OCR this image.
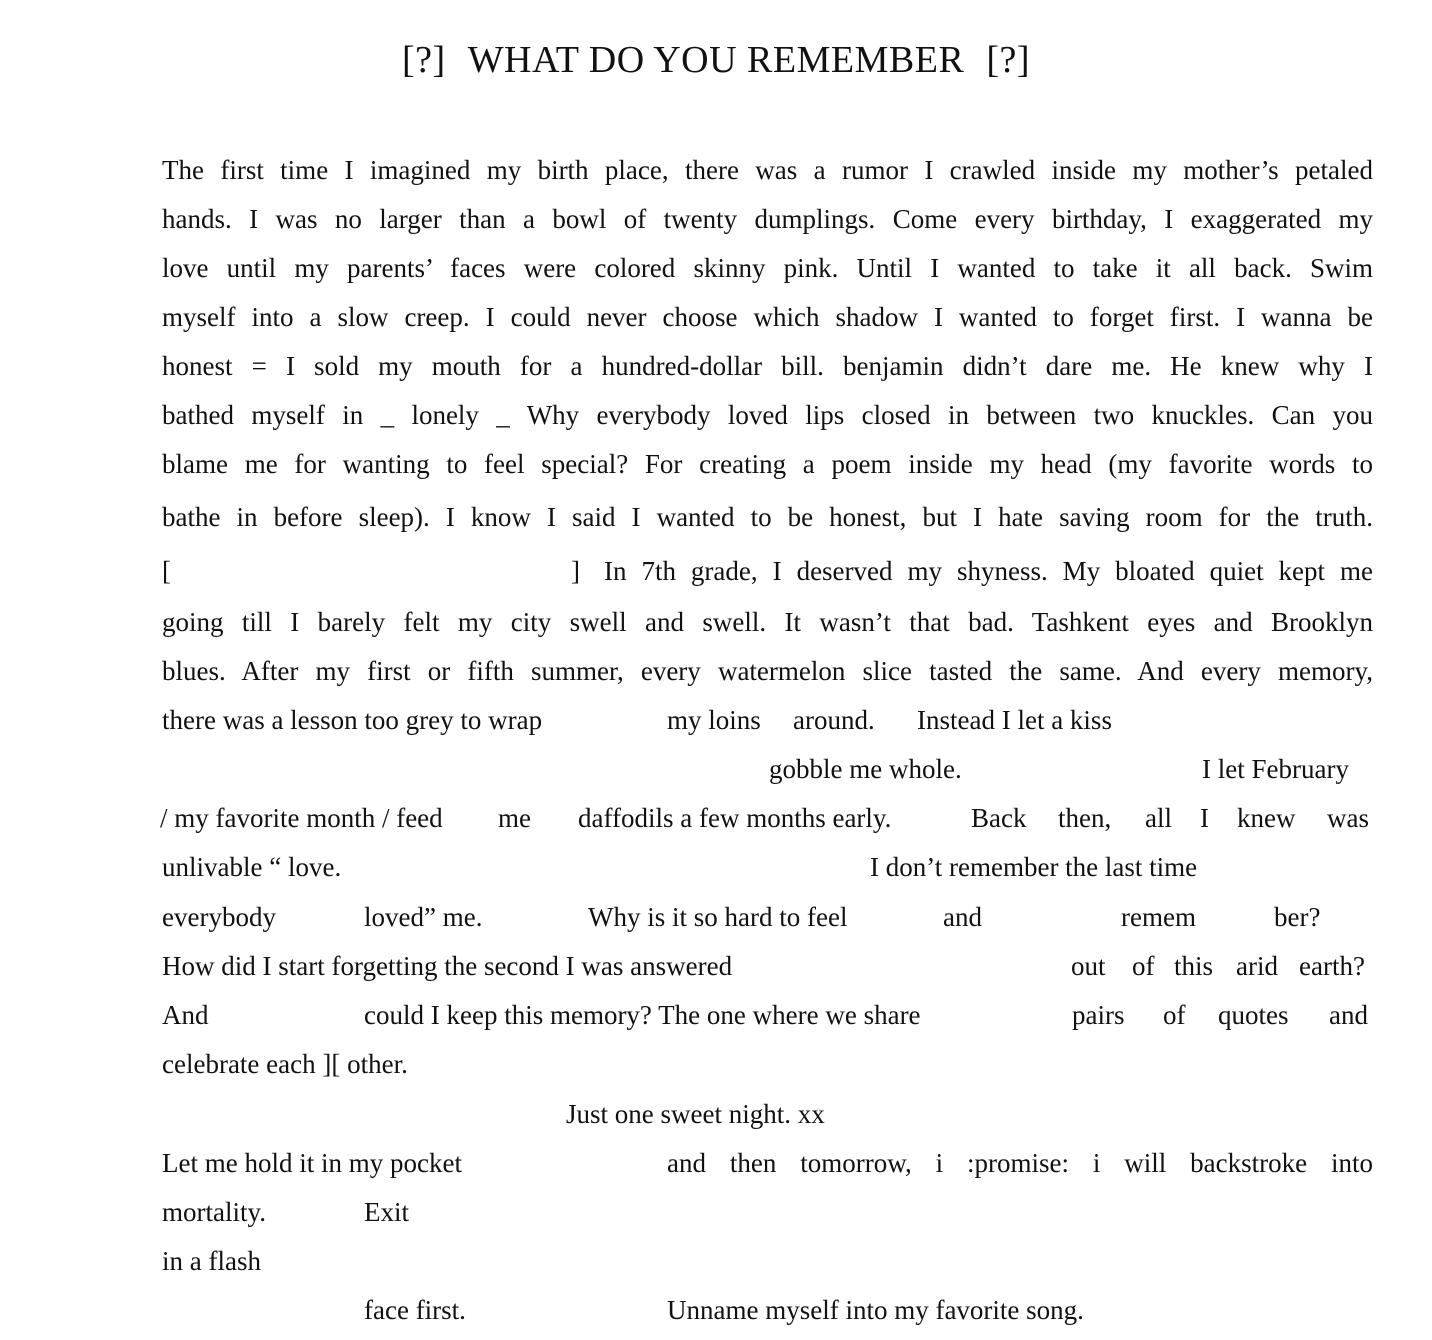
[?] WHAT DO YOU REMEMBER [?]
The first time I imagined my birth place, there was a rumor I crawled inside my mother’s petaled
hands. I was no larger than a bowl of twenty dumplings. Come every birthday, I exaggerated my
love until my parents’ faces were colored skinny pink. Until I wanted to take it all back. Swim
myself into a slow creep. I could never choose which shadow I wanted to forget first. I wanna be
honest = I sold my mouth for a hundred-dollar bill. benjamin didn’t dare me. He knew why I
bathed myself in _ lonely _ Why everybody loved lips closed in between two knuckles. Can you
blame me for wanting to feel special? For creating a poem inside my head (my favorite words to
bathe in before sleep). I know I said I wanted to be honest, but I hate saving room for the truth.
[	] In 7th grade, I deserved my shyness. My bloated quiet kept me
going till I barely felt my city swell and swell. It wasn’t that bad. Tashkent eyes and Brooklyn
blues. After my first or fifth summer, every watermelon slice tasted the same. And every memory,
there was a lesson too grey to wrap	my loins around. Instead I let a kiss
gobble me whole.	I let February
/ my favorite month / feed me daffodils a few months early.	Back then, all I knew was
unlivable “ love.	I don’t remember the last time
everybody	loved” me.	Why is it so hard to feel	and	remem	ber?
How did I start forgetting the second I was answered	out of this arid earth?
And	could I keep this memory? The one where we share	pairs of quotes and
celebrate each ][ other.
Just one sweet night. xx
Let me hold it in my pocket	and then tomorrow, i :promise: i will backstroke into
mortality.	Exit
in a flash
face first.	Unname myself into my favorite song.
